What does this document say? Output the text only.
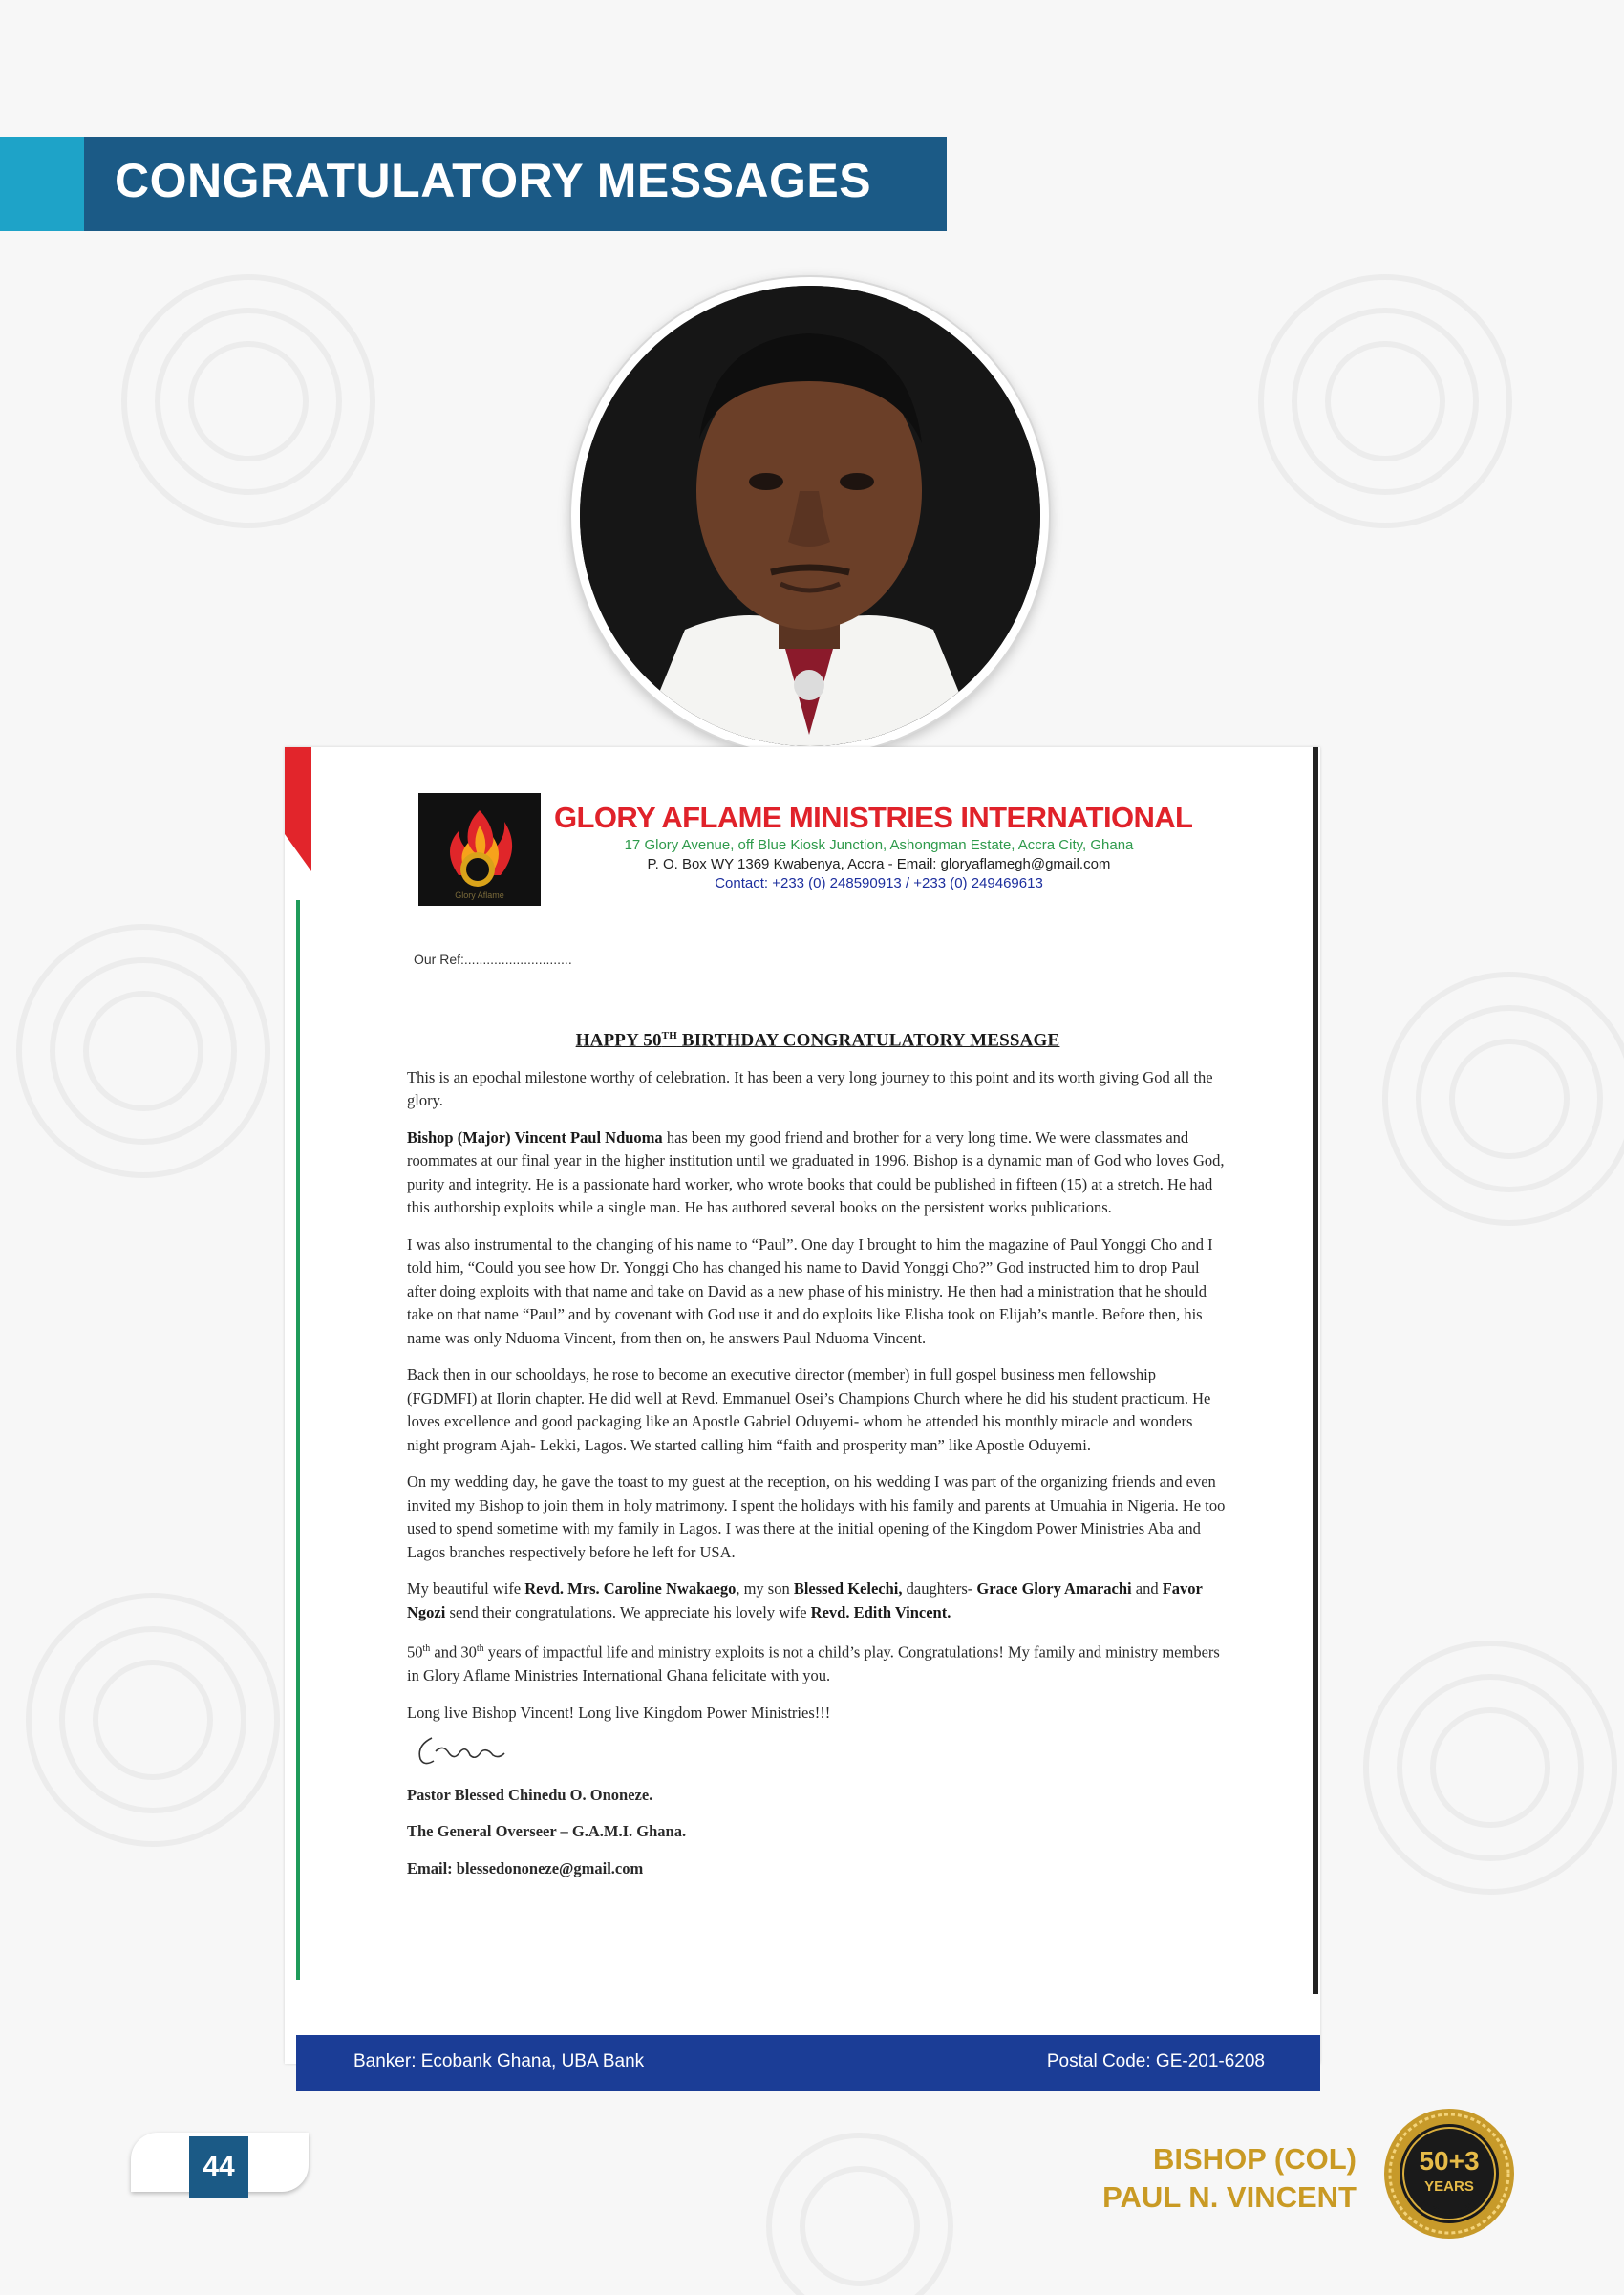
CONGRATULATORY MESSAGES
Glory Aflame
GLORY AFLAME MINISTRIES INTERNATIONAL
17 Glory Avenue, off Blue Kiosk Junction, Ashongman Estate, Accra City, Ghana
P. O. Box WY 1369 Kwabenya, Accra - Email: gloryaflamegh@gmail.com
Contact: +233 (0) 248590913 / +233 (0) 249469613
Our Ref:.............................
HAPPY 50TH BIRTHDAY CONGRATULATORY MESSAGE

This is an epochal milestone worthy of celebration. It has been a very long journey to this point and its worth giving God all the glory.

Bishop (Major) Vincent Paul Nduoma has been my good friend and brother for a very long time. We were classmates and roommates at our final year in the higher institution until we graduated in 1996. Bishop is a dynamic man of God who loves God, purity and integrity. He is a passionate hard worker, who wrote books that could be published in fifteen (15) at a stretch. He had this authorship exploits while a single man. He has authored several books on the persistent works publications.

I was also instrumental to the changing of his name to “Paul”. One day I brought to him the magazine of Paul Yonggi Cho and I told him, “Could you see how Dr. Yonggi Cho has changed his name to David Yonggi Cho?” God instructed him to drop Paul after doing exploits with that name and take on David as a new phase of his ministry. He then had a ministration that he should take on that name “Paul” and by covenant with God use it and do exploits like Elisha took on Elijah’s mantle. Before then, his name was only Nduoma Vincent, from then on, he answers Paul Nduoma Vincent.

Back then in our schooldays, he rose to become an executive director (member) in full gospel business men fellowship (FGDMFI) at Ilorin chapter. He did well at Revd. Emmanuel Osei’s Champions Church where he did his student practicum. He loves excellence and good packaging like an Apostle Gabriel Oduyemi- whom he attended his monthly miracle and wonders night program Ajah- Lekki, Lagos. We started calling him “faith and prosperity man” like Apostle Oduyemi.

On my wedding day, he gave the toast to my guest at the reception, on his wedding I was part of the organizing friends and even invited my Bishop to join them in holy matrimony. I spent the holidays with his family and parents at Umuahia in Nigeria. He too used to spend sometime with my family in Lagos. I was there at the initial opening of the Kingdom Power Ministries Aba and Lagos branches respectively before he left for USA.

My beautiful wife Revd. Mrs. Caroline Nwakaego, my son Blessed Kelechi, daughters- Grace Glory Amarachi and Favor Ngozi send their congratulations. We appreciate his lovely wife Revd. Edith Vincent.

50th and 30th years of impactful life and ministry exploits is not a child’s play. Congratulations! My family and ministry members in Glory Aflame Ministries International Ghana felicitate with you.

Long live Bishop Vincent! Long live Kingdom Power Ministries!!!

Pastor Blessed Chinedu O. Ononeze.
The General Overseer – G.A.M.I. Ghana.
Email: blessedononeze@gmail.com
Banker: Ecobank Ghana, UBA Bank	Postal Code: GE-201-6208
44	BISHOP (COL)
PAUL N. VINCENT
50+3
YEARS
BIRTHDAY
